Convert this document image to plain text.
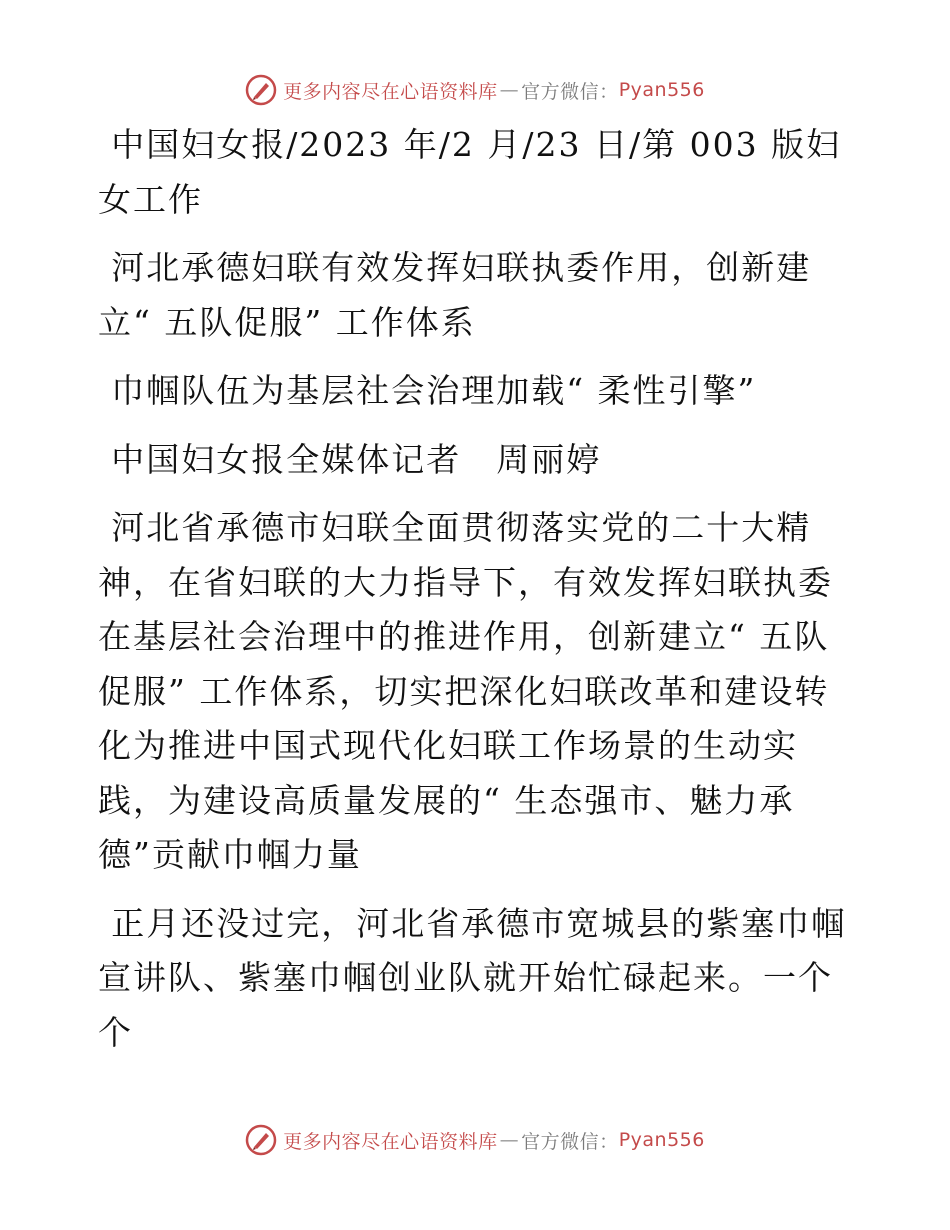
更多内容尽在心语资料库 — 官方微信： Pyan556

中国妇女报/2023 年/2 月/23 日/第 003 版妇女工作

河北承德妇联有效发挥妇联执委作用，创新建立“ 五队促服” 工作体系

巾帼队伍为基层社会治理加载“ 柔性引擎”

中国妇女报全媒体记者　周丽婷

河北省承德市妇联全面贯彻落实党的二十大精神，在省妇联的大力指导下，有效发挥妇联执委在基层社会治理中的推进作用，创新建立“ 五队促服” 工作体系，切实把深化妇联改革和建设转化为推进中国式现代化妇联工作场景的生动实践，为建设高质量发展的“ 生态强市、魅力承德”贡献巾帼力量

正月还没过完，河北省承德市宽城县的紫塞巾帼宣讲队、紫塞巾帼创业队就开始忙碌起来。一个个

更多内容尽在心语资料库 — 官方微信： Pyan556
